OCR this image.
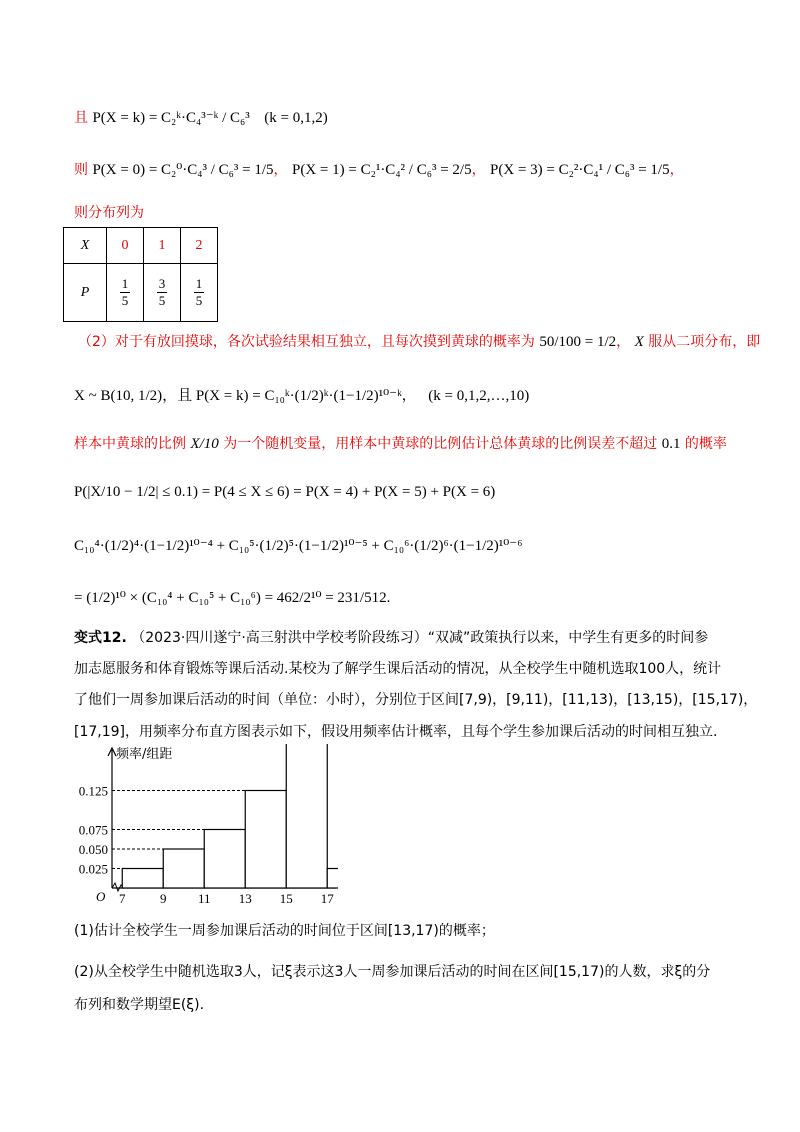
且 P(X = k) = C₂ᵏ·C₄³⁻ᵏ / C₆³ (k = 0,1,2)
则 P(X = 0) = C₂⁰·C₄³ / C₆³ = 1/5， P(X = 1) = C₂¹·C₄² / C₆³ = 2/5， P(X = 3) = C₂²·C₄¹ / C₆³ = 1/5，
则分布列为
X	0	1	2
P	$\frac{1}{5}$	$\frac{3}{5}$	$\frac{1}{5}$
（2）对于有放回摸球，各次试验结果相互独立，且每次摸到黄球的概率为 50/100 = 1/2， X 服从二项分布，即
X ~ B(10, 1/2)，且 P(X = k) = C₁₀ᵏ·(1/2)ᵏ·(1−1/2)¹⁰⁻ᵏ， (k = 0,1,2,…,10)
样本中黄球的比例 X/10 为一个随机变量，用样本中黄球的比例估计总体黄球的比例误差不超过 0.1 的概率
P(|X/10 − 1/2| ≤ 0.1) = P(4 ≤ X ≤ 6) = P(X = 4) + P(X = 5) + P(X = 6)
C₁₀⁴·(1/2)⁴·(1−1/2)¹⁰⁻⁴ + C₁₀⁵·(1/2)⁵·(1−1/2)¹⁰⁻⁵ + C₁₀⁶·(1/2)⁶·(1−1/2)¹⁰⁻⁶
= (1/2)¹⁰ × (C₁₀⁴ + C₁₀⁵ + C₁₀⁶) = 462/2¹⁰ = 231/512.
变式12. （2023·四川遂宁·高三射洪中学校考阶段练习）“双减”政策执行以来，中学生有更多的时间参
加志愿服务和体育锻炼等课后活动.某校为了解学生课后活动的情况，从全校学生中随机选取100人，统计
了他们一周参加课后活动的时间（单位：小时），分别位于区间[7,9)，[9,11)，[11,13)，[13,15)，[15,17)，
[17,19]，用频率分布直方图表示如下，假设用频率估计概率，且每个学生参加课后活动的时间相互独立.
频率/组距
O
0.025
0.050
0.075
0.125
7	9 11 13 15 17
(1)估计全校学生一周参加课后活动的时间位于区间[13,17)的概率；
(2)从全校学生中随机选取3人，记ξ表示这3人一周参加课后活动的时间在区间[15,17)的人数，求ξ的分
布列和数学期望E(ξ).
